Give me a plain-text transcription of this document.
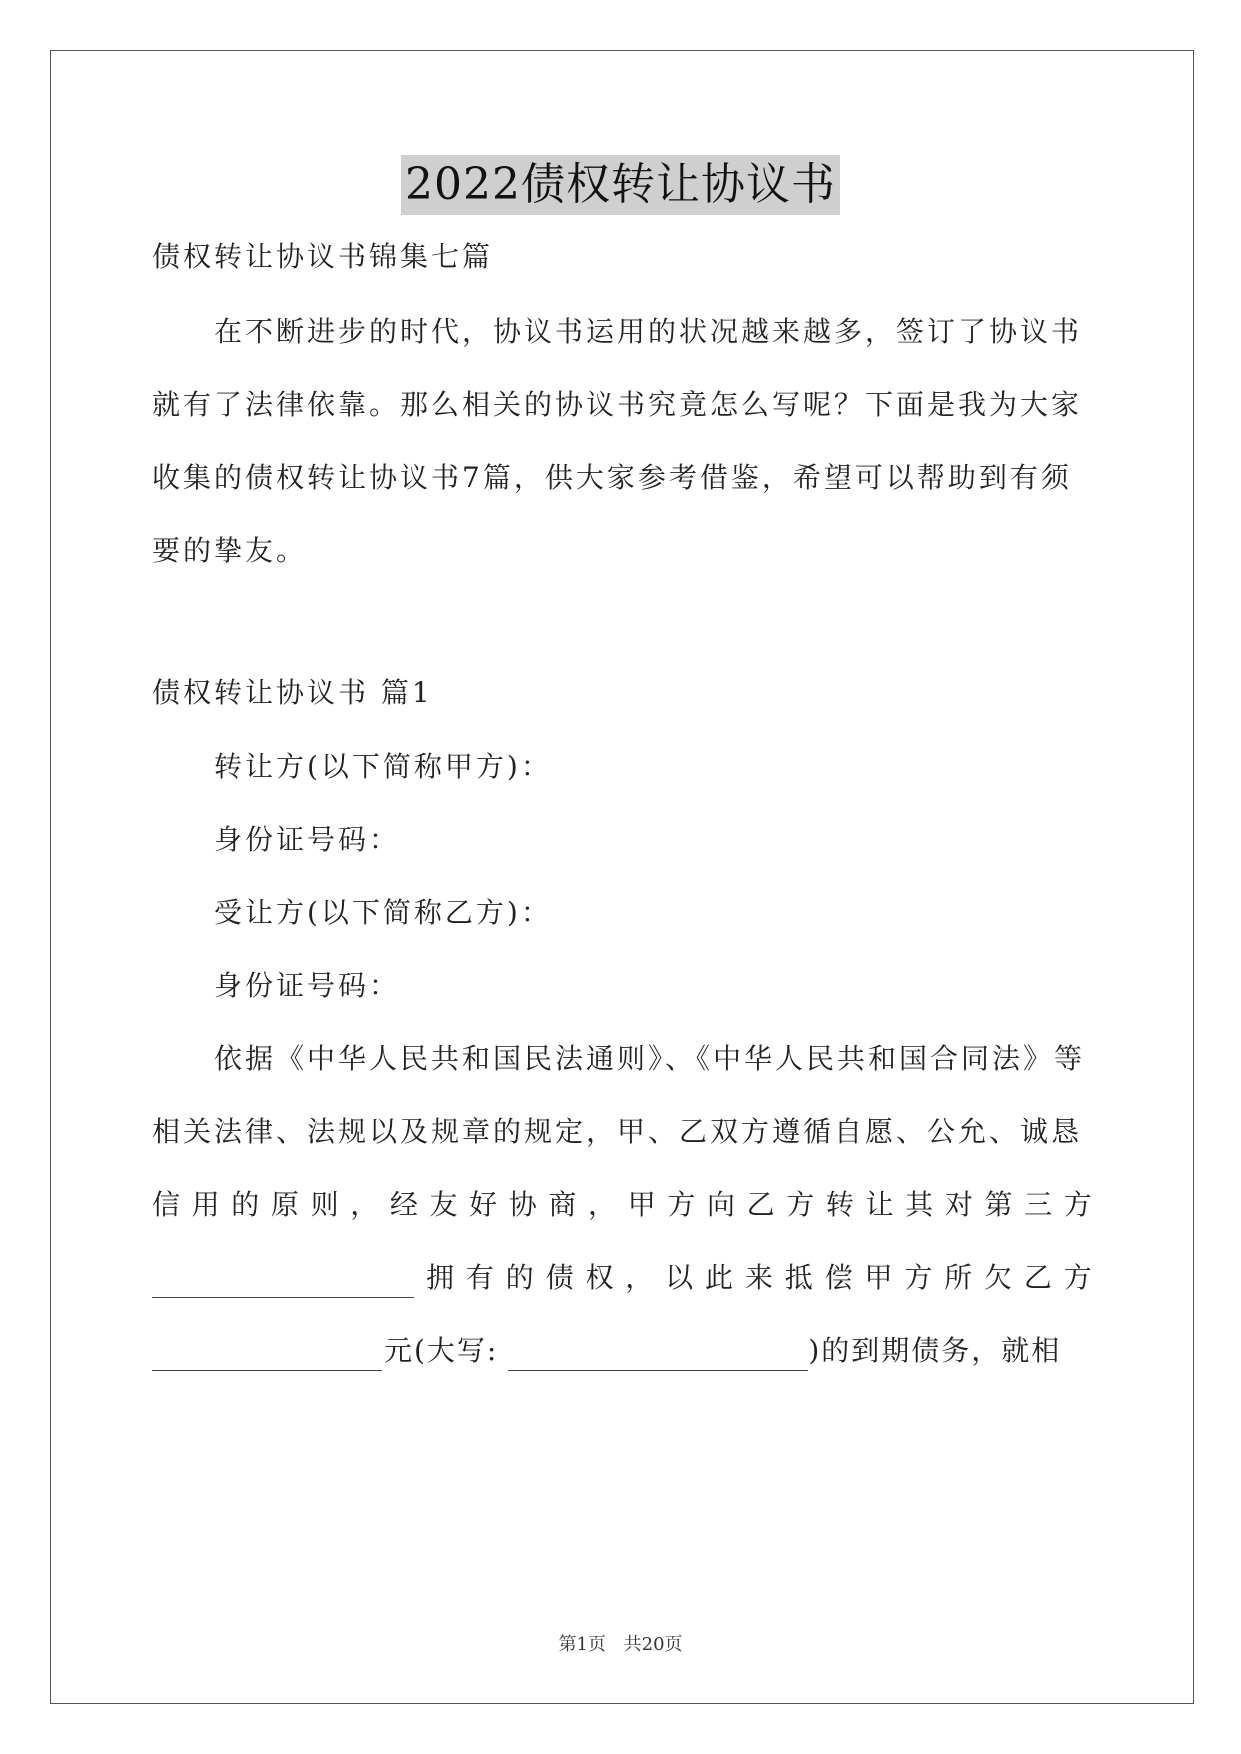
2022债权转让协议书
债权转让协议书锦集七篇
在不断进步的时代，协议书运用的状况越来越多，签订了协议书
就有了法律依靠。那么相关的协议书究竟怎么写呢？下面是我为大家
收集的债权转让协议书7篇，供大家参考借鉴，希望可以帮助到有须
要的挚友。
债权转让协议书 篇1
转让方(以下简称甲方)：
身份证号码：
受让方(以下简称乙方)：
身份证号码：
依据《中华人民共和国民法通则》、《中华人民共和国合同法》等
相关法律、法规以及规章的规定，甲、乙双方遵循自愿、公允、诚恳
信 用 的 原 则 ， 经 友 好 协 商 ， 甲 方 向 乙 方 转 让 其 对 第 三 方
拥 有 的 债 权 ， 以 此 来 抵 偿 甲 方 所 欠 乙 方
元(大写:	)的到期债务，就相
第1页 共20页
